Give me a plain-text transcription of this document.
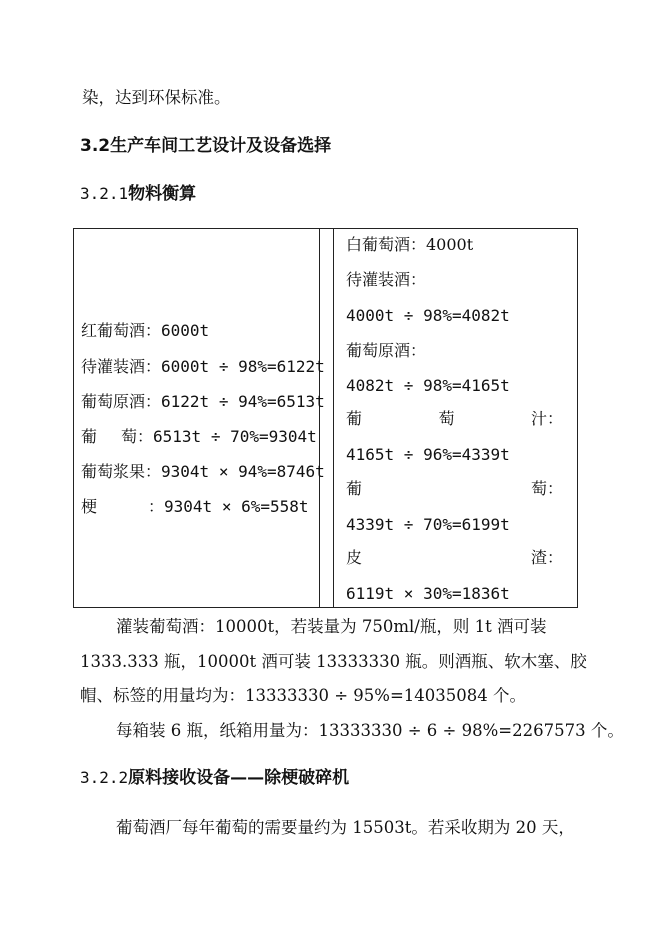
染，达到环保标准。
3.2生产车间工艺设计及设备选择
3.2.1物料衡算
红葡萄酒：6000t
待灌装酒：6000t ÷ 98%=6122t
葡萄原酒：6122t ÷ 94%=6513t
葡 萄：6513t ÷ 70%=9304t
葡萄浆果：9304t × 94%=8746t
梗	：9304t × 6%=558t
白葡萄酒：4000t
待灌装酒：
4000t ÷ 98%=4082t
葡萄原酒：
4082t ÷ 98%=4165t
葡	萄	汁：
4165t ÷ 96%=4339t
葡	萄：
4339t ÷ 70%=6199t
皮	渣：
6119t × 30%=1836t
灌装葡萄酒：10000t，若装量为 750ml/瓶，则 1t 酒可装
1333.333 瓶，10000t 酒可装 13333330 瓶。则酒瓶、软木塞、胶
帽、标签的用量均为：13333330 ÷ 95%=14035084 个。
每箱装 6 瓶，纸箱用量为：13333330 ÷ 6 ÷ 98%=2267573 个。
3.2.2原料接收设备——除梗破碎机
葡萄酒厂每年葡萄的需要量约为 15503t。若采收期为 20 天，
